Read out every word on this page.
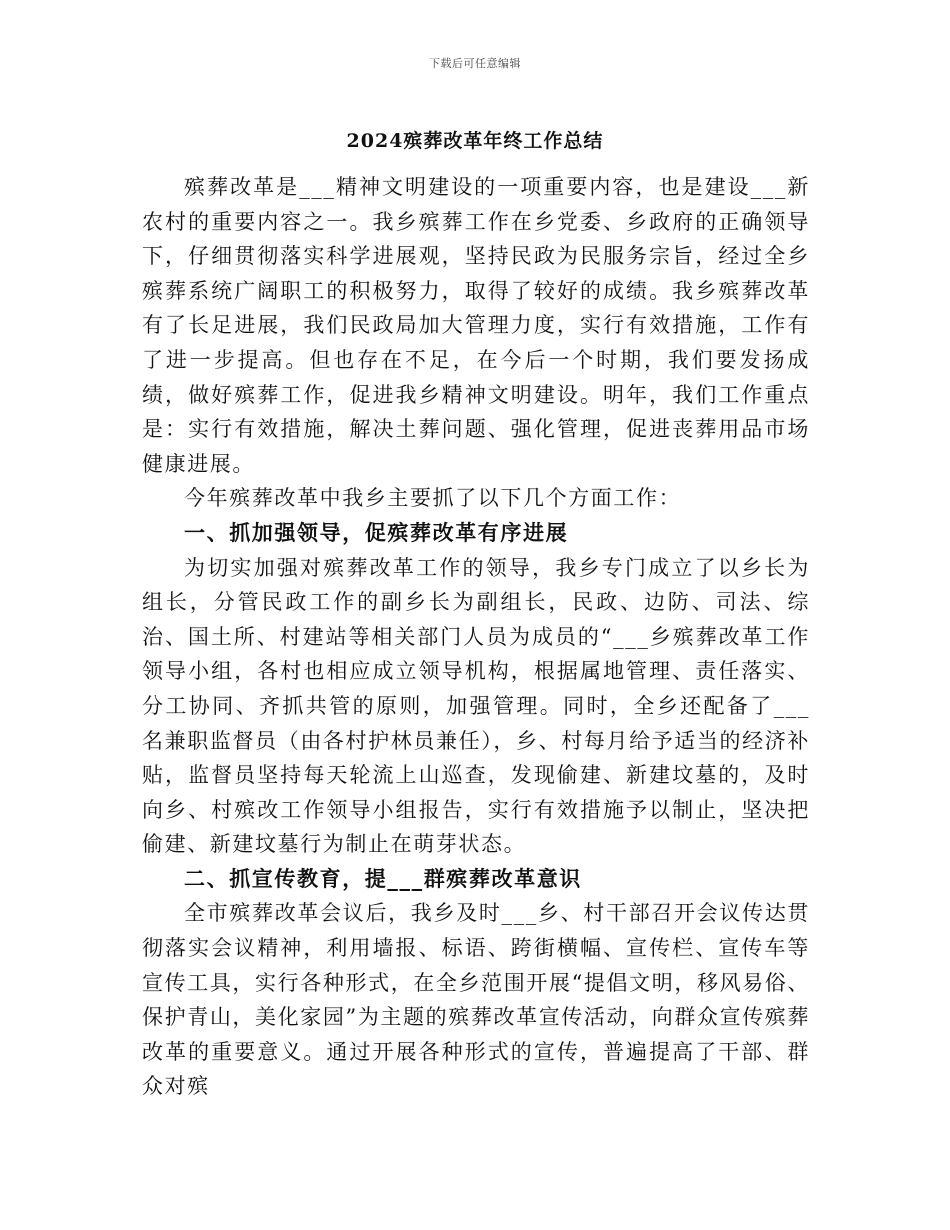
下载后可任意编辑
2024殡葬改革年终工作总结

殡葬改革是___精神文明建设的一项重要内容，也是建设___新农村的重要内容之一。我乡殡葬工作在乡党委、乡政府的正确领导下，仔细贯彻落实科学进展观，坚持民政为民服务宗旨，经过全乡殡葬系统广阔职工的积极努力，取得了较好的成绩。我乡殡葬改革有了长足进展，我们民政局加大管理力度，实行有效措施，工作有了进一步提高。但也存在不足，在今后一个时期，我们要发扬成绩，做好殡葬工作，促进我乡精神文明建设。明年，我们工作重点是：实行有效措施，解决土葬问题、强化管理，促进丧葬用品市场健康进展。

今年殡葬改革中我乡主要抓了以下几个方面工作：

一、抓加强领导，促殡葬改革有序进展

为切实加强对殡葬改革工作的领导，我乡专门成立了以乡长为组长，分管民政工作的副乡长为副组长，民政、边防、司法、综治、国土所、村建站等相关部门人员为成员的“___乡殡葬改革工作领导小组，各村也相应成立领导机构，根据属地管理、责任落实、分工协同、齐抓共管的原则，加强管理。同时，全乡还配备了___名兼职监督员（由各村护林员兼任），乡、村每月给予适当的经济补贴，监督员坚持每天轮流上山巡查，发现偷建、新建坟墓的，及时向乡、村殡改工作领导小组报告，实行有效措施予以制止，坚决把偷建、新建坟墓行为制止在萌芽状态。

二、抓宣传教育，提___群殡葬改革意识

全市殡葬改革会议后，我乡及时___乡、村干部召开会议传达贯彻落实会议精神，利用墙报、标语、跨街横幅、宣传栏、宣传车等宣传工具，实行各种形式，在全乡范围开展“提倡文明，移风易俗、保护青山，美化家园”为主题的殡葬改革宣传活动，向群众宣传殡葬改革的重要意义。通过开展各种形式的宣传，普遍提高了干部、群众对殡
